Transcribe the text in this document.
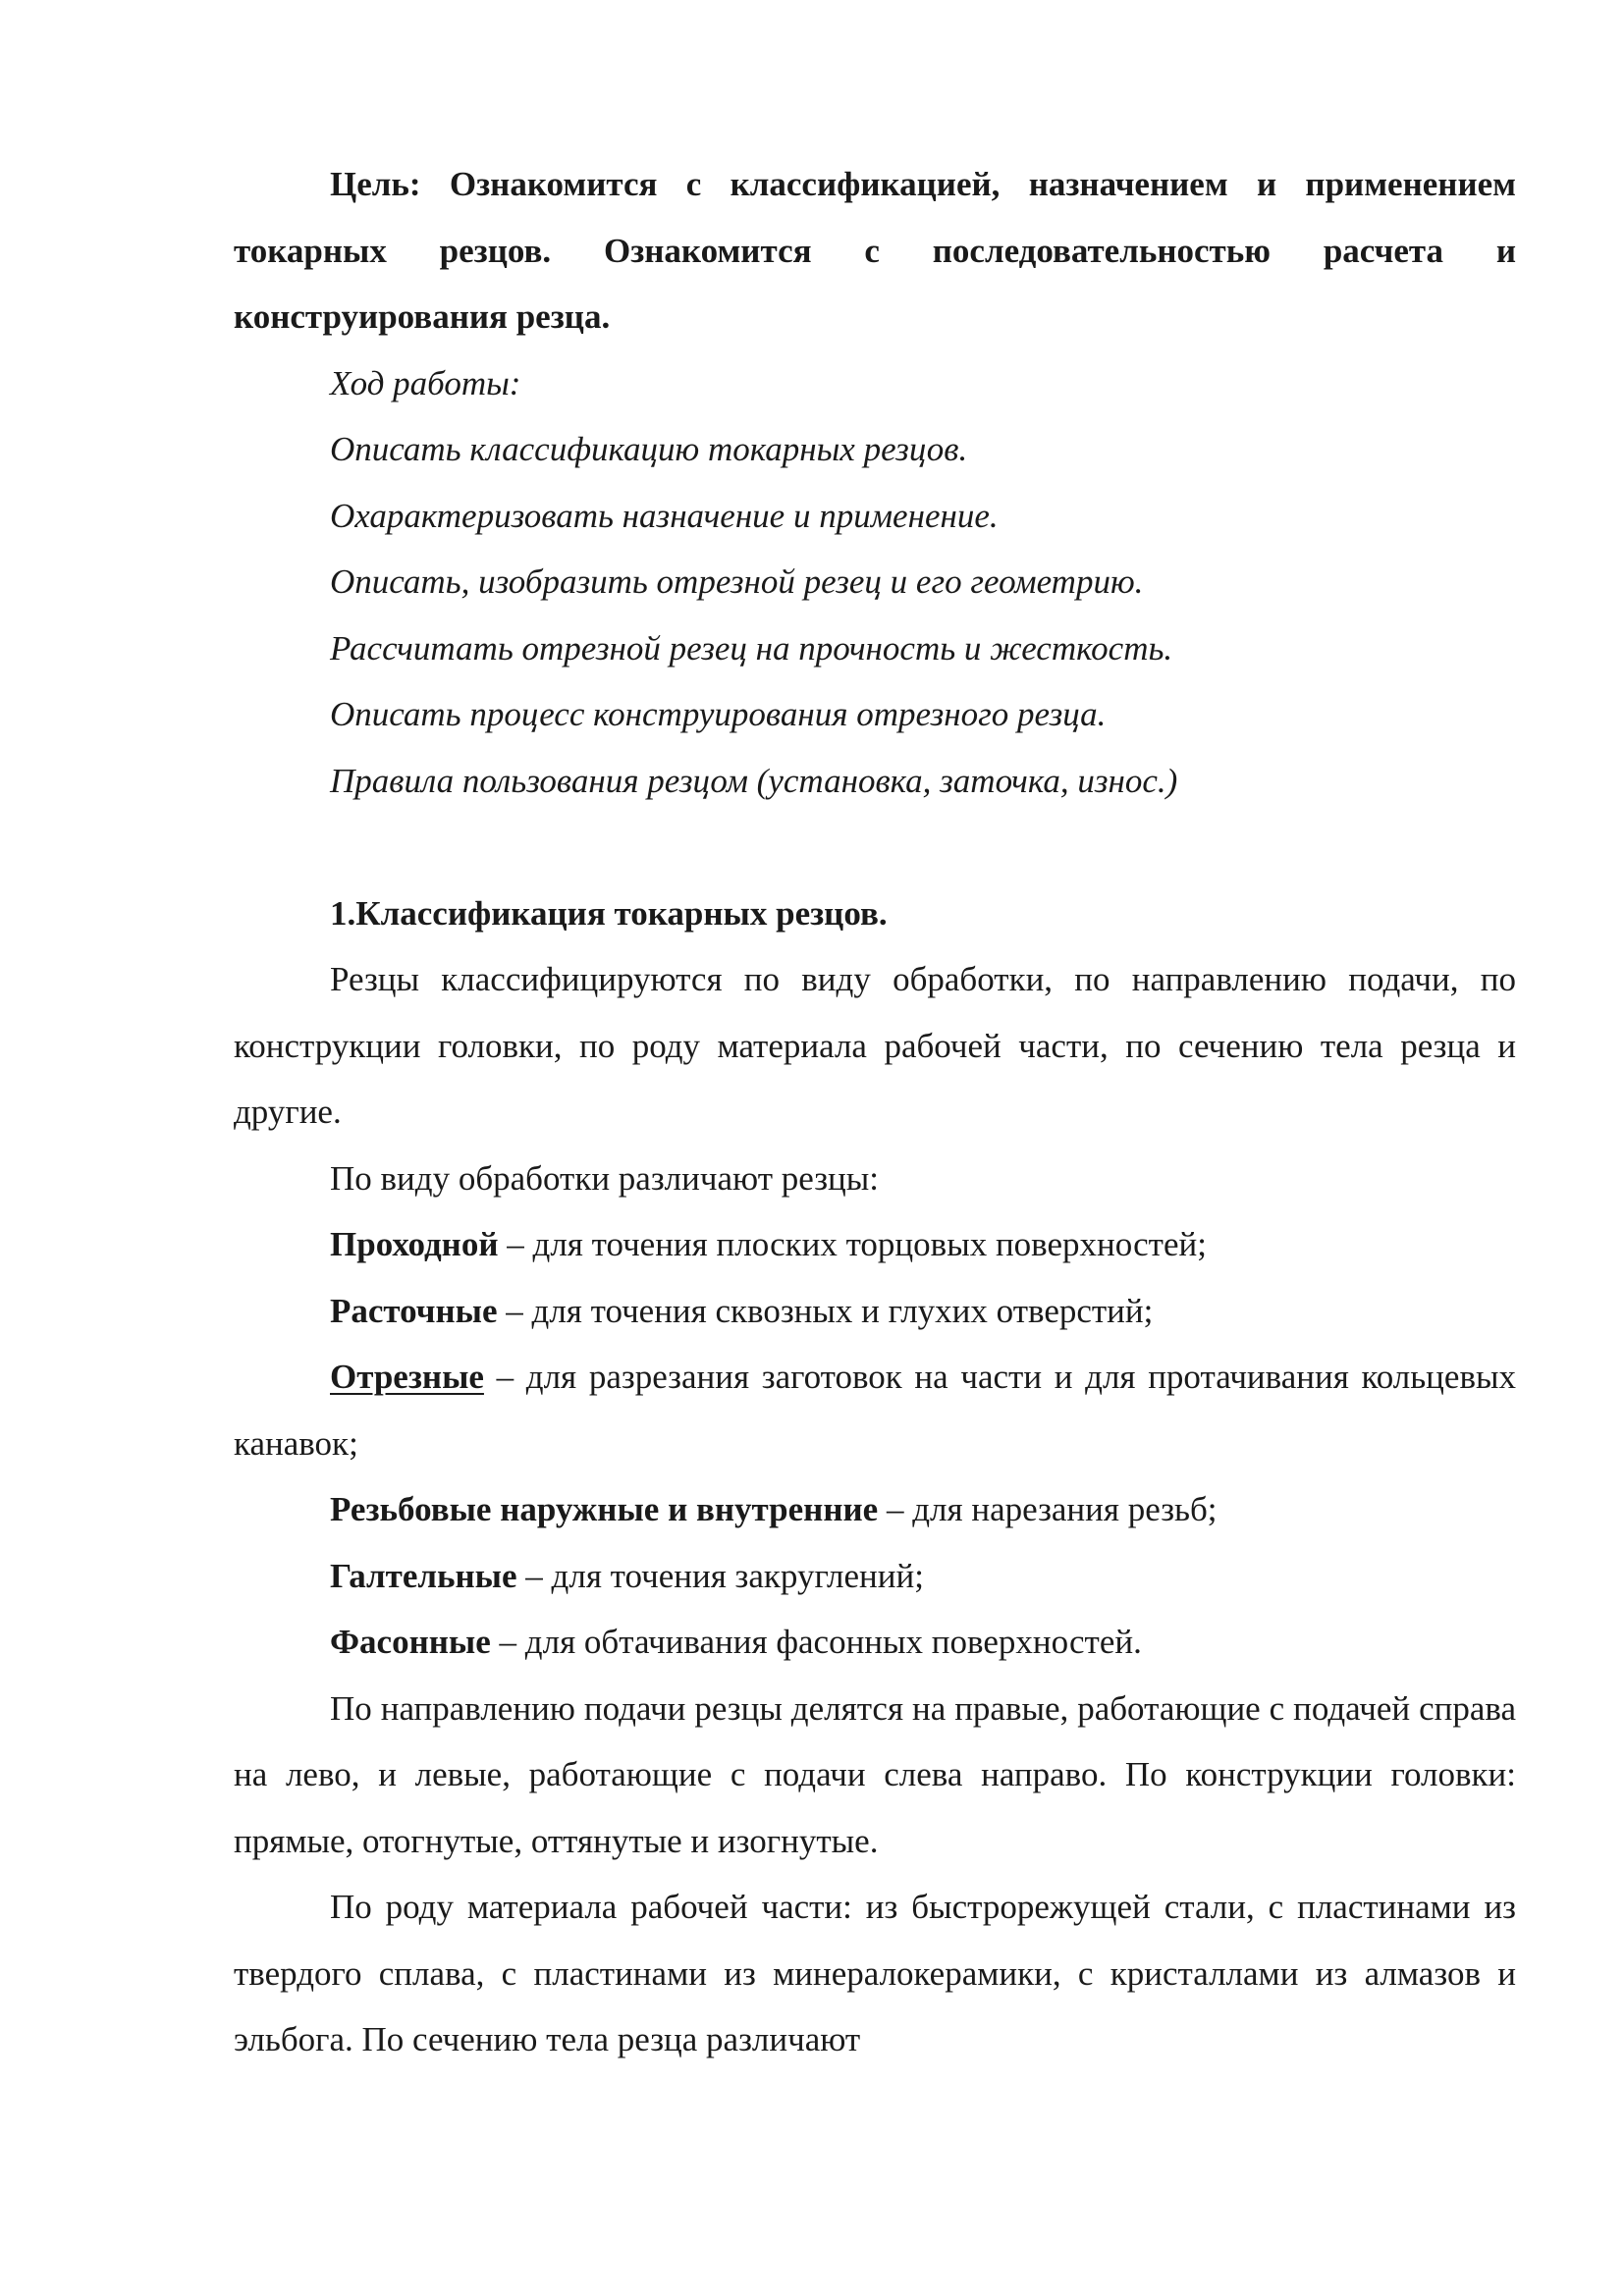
Цель: Ознакомится с классификацией, назначением и применением токарных резцов. Ознакомится с последовательностью расчета и конструирования резца.

Ход работы:
Описать классификацию токарных резцов.
Охарактеризовать назначение и применение.
Описать, изобразить отрезной резец и его геометрию.
Рассчитать отрезной резец на прочность и жесткость.
Описать процесс конструирования отрезного резца.
Правила пользования резцом (установка, заточка, износ.)
1.Классификация токарных резцов.

Резцы классифицируются по виду обработки, по направлению подачи, по конструкции головки, по роду материала рабочей части, по сечению тела резца и другие.

По виду обработки различают резцы:

Проходной – для точения плоских торцовых поверхностей;

Расточные – для точения сквозных и глухих отверстий;

Отрезные – для разрезания заготовок на части и для протачивания кольцевых канавок;

Резьбовые наружные и внутренние – для нарезания резьб;

Галтельные – для точения закруглений;

Фасонные – для обтачивания фасонных поверхностей.

По направлению подачи резцы делятся на правые, работающие с подачей справа на лево, и левые, работающие с подачи слева направо. По конструкции головки: прямые, отогнутые, оттянутые и изогнутые.

По роду материала рабочей части: из быстрорежущей стали, с пластинами из твердого сплава, с пластинами из минералокерамики, с кристаллами из алмазов и эльбога. По сечению тела резца различают
